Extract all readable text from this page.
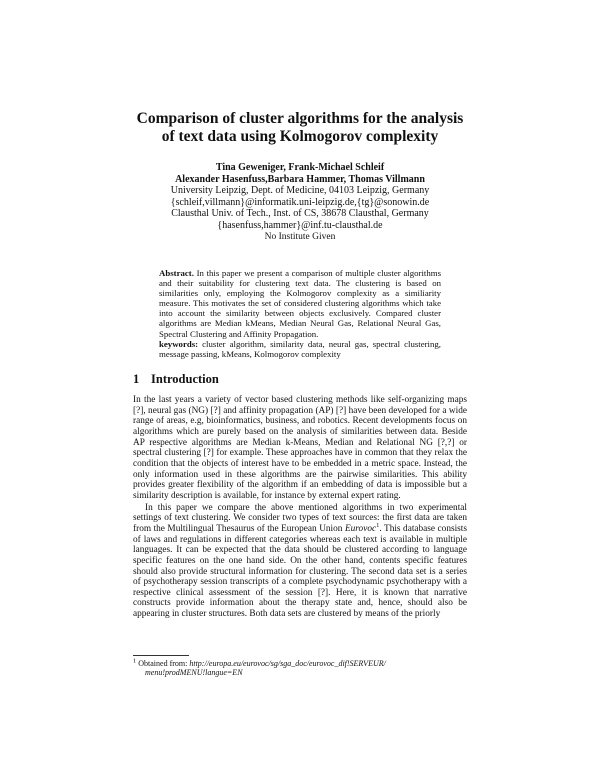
Comparison of cluster algorithms for the analysis
of text data using Kolmogorov complexity
Tina Geweniger, Frank-Michael Schleif
Alexander Hasenfuss,Barbara Hammer, Thomas Villmann
University Leipzig, Dept. of Medicine, 04103 Leipzig, Germany
{schleif,villmann}@informatik.uni-leipzig.de,{tg}@sonowin.de
Clausthal Univ. of Tech., Inst. of CS, 38678 Clausthal, Germany
{hasenfuss,hammer}@inf.tu-clausthal.de
No Institute Given

Abstract. In this paper we present a comparison of multiple cluster algorithms and their suitability for clustering text data. The clustering is based on similarities only, employing the Kolmogorov complexity as a similiarity measure. This motivates the set of considered clustering algorithms which take into account the similarity between objects exclusively. Compared cluster algorithms are Median kMeans, Median Neural Gas, Relational Neural Gas, Spectral Clustering and Affinity Propagation.

keywords: cluster algorithm, similarity data, neural gas, spectral clustering, message passing, kMeans, Kolmogorov complexity

1 Introduction

In the last years a variety of vector based clustering methods like self-organizing maps [?], neural gas (NG) [?] and affinity propagation (AP) [?] have been developed for a wide range of areas, e.g, bioinformatics, business, and robotics. Recent developments focus on algorithms which are purely based on the analysis of similarities between data. Beside AP respective algorithms are Median k-Means, Median and Relational NG [?,?] or spectral clustering [?] for example. These approaches have in common that they relax the condition that the objects of interest have to be embedded in a metric space. Instead, the only information used in these algorithms are the pairwise similarities. This ability provides greater flexibility of the algorithm if an embedding of data is impossible but a similarity description is available, for instance by external expert rating.

In this paper we compare the above mentioned algorithms in two experimental settings of text clustering. We consider two types of text sources: the first data are taken from the Multilingual Thesaurus of the European Union Eurovoc$^1$. This database consists of laws and regulations in different categories whereas each text is available in multiple languages. It can be expected that the data should be clustered according to language specific features on the one hand side. On the other hand, contents specific features should also provide structural information for clustering. The second data set is a series of psychotherapy session transcripts of a complete psychodynamic psychotherapy with a respective clinical assessment of the session [?]. Here, it is known that narrative constructs provide information about the therapy state and, hence, should also be appearing in cluster structures. Both data sets are clustered by means of the priorly

$^1$ Obtained from: http://europa.eu/eurovoc/sg/sga_doc/eurovoc_dif!SERVEUR/
menu!prodMENU!langue=EN
